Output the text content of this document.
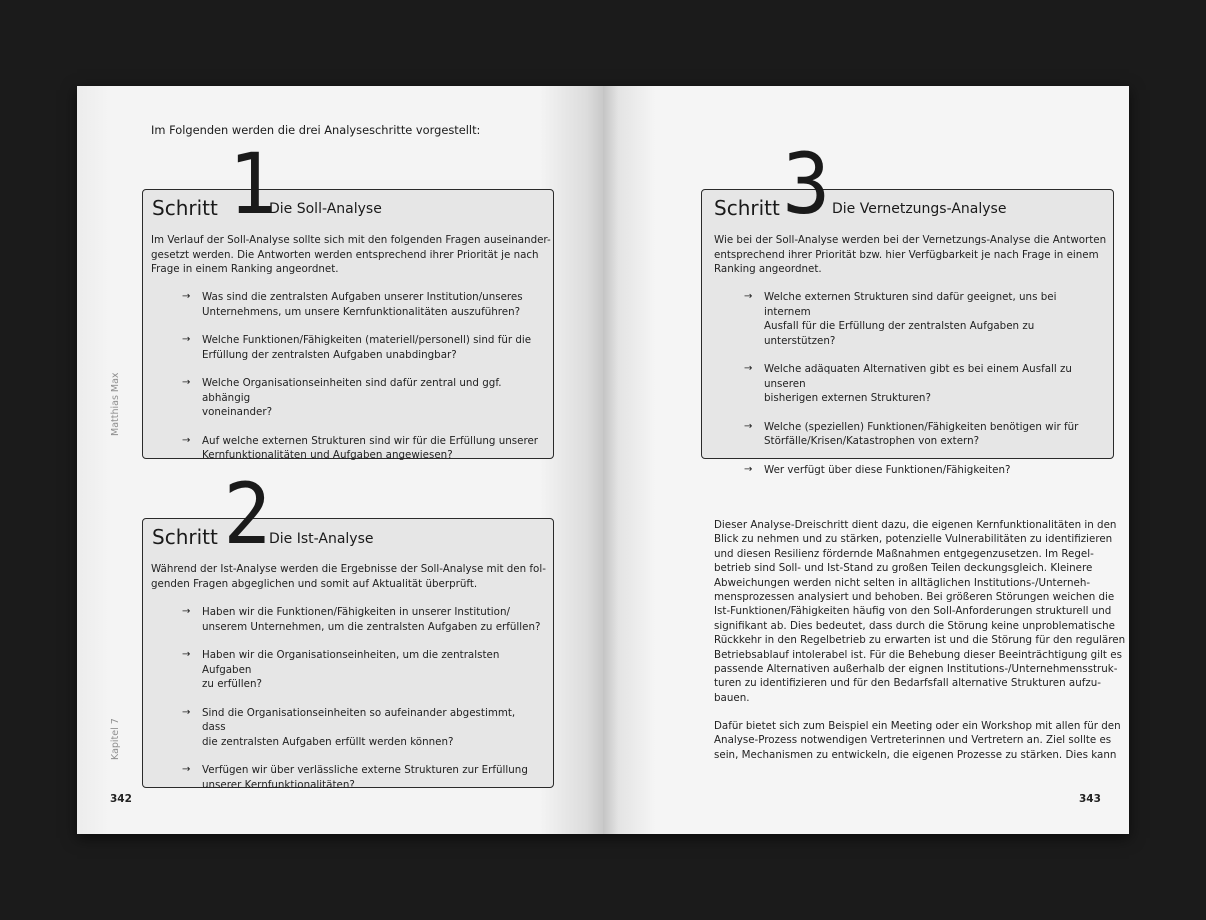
Im Folgenden werden die drei Analyseschritte vorgestellt:
1
Schritt	Die Soll-Analyse
Im Verlauf der Soll-Analyse sollte sich mit den folgenden Fragen auseinander-
gesetzt werden. Die Antworten werden entsprechend ihrer Priorität je nach
Frage in einem Ranking angeordnet.
→ Was sind die zentralsten Aufgaben unserer Institution/unseres
Unternehmens, um unsere Kernfunktionalitäten auszuführen?
→ Welche Funktionen/Fähigkeiten (materiell/personell) sind für die
Erfüllung der zentralsten Aufgaben unabdingbar?
→ Welche Organisationseinheiten sind dafür zentral und ggf. abhängig
voneinander?
→ Auf welche externen Strukturen sind wir für die Erfüllung unserer
Kernfunktionalitäten und Aufgaben angewiesen?
2
Schritt	Die Ist-Analyse
Während der Ist-Analyse werden die Ergebnisse der Soll-Analyse mit den fol-
genden Fragen abgeglichen und somit auf Aktualität überprüft.
→ Haben wir die Funktionen/Fähigkeiten in unserer Institution/
unserem Unternehmen, um die zentralsten Aufgaben zu erfüllen?
→ Haben wir die Organisationseinheiten, um die zentralsten Aufgaben
zu erfüllen?
→ Sind die Organisationseinheiten so aufeinander abgestimmt, dass
die zentralsten Aufgaben erfüllt werden können?
→ Verfügen wir über verlässliche externe Strukturen zur Erfüllung
unserer Kernfunktionalitäten?
Matthias Max
Kapitel 7
342
3
Schritt	Die Vernetzungs-Analyse
Wie bei der Soll-Analyse werden bei der Vernetzungs-Analyse die Antworten
entsprechend ihrer Priorität bzw. hier Verfügbarkeit je nach Frage in einem
Ranking angeordnet.
→ Welche externen Strukturen sind dafür geeignet, uns bei internem
Ausfall für die Erfüllung der zentralsten Aufgaben zu unterstützen?
→ Welche adäquaten Alternativen gibt es bei einem Ausfall zu unseren
bisherigen externen Strukturen?
→ Welche (speziellen) Funktionen/Fähigkeiten benötigen wir für
Störfälle/Krisen/Katastrophen von extern?
→ Wer verfügt über diese Funktionen/Fähigkeiten?
Dieser Analyse-Dreischritt dient dazu, die eigenen Kernfunktionalitäten in den
Blick zu nehmen und zu stärken, potenzielle Vulnerabilitäten zu identifizieren
und diesen Resilienz fördernde Maßnahmen entgegenzusetzen. Im Regel-
betrieb sind Soll- und Ist-Stand zu großen Teilen deckungsgleich. Kleinere
Abweichungen werden nicht selten in alltäglichen Institutions-/Unterneh-
mensprozessen analysiert und behoben. Bei größeren Störungen weichen die
Ist-Funktionen/Fähigkeiten häufig von den Soll-Anforderungen strukturell und
signifikant ab. Dies bedeutet, dass durch die Störung keine unproblematische
Rückkehr in den Regelbetrieb zu erwarten ist und die Störung für den regulären
Betriebsablauf intolerabel ist. Für die Behebung dieser Beeinträchtigung gilt es
passende Alternativen außerhalb der eignen Institutions-/Unternehmensstruk-
turen zu identifizieren und für den Bedarfsfall alternative Strukturen aufzu-
bauen.
Dafür bietet sich zum Beispiel ein Meeting oder ein Workshop mit allen für den
Analyse-Prozess notwendigen Vertreterinnen und Vertretern an. Ziel sollte es
sein, Mechanismen zu entwickeln, die eigenen Prozesse zu stärken. Dies kann
343
